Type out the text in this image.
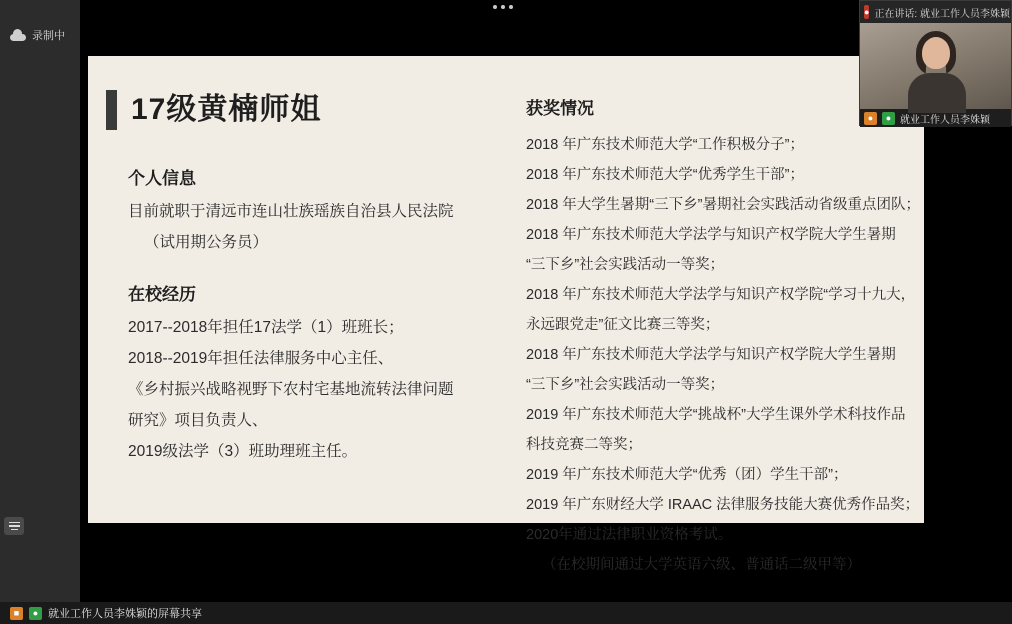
录制中
17级黄楠师姐
个人信息
目前就职于清远市连山壮族瑶族自治县人民法院
（试用期公务员）
在校经历
2017--2018年担任17法学（1）班班长；
2018--2019年担任法律服务中心主任、
《乡村振兴战略视野下农村宅基地流转法律问题
研究》项目负责人、
2019级法学（3）班助理班主任。
获奖情况
2018 年广东技术师范大学“工作积极分子”；
2018 年广东技术师范大学“优秀学生干部”；
2018 年大学生暑期“三下乡”暑期社会实践活动省级重点团队；
2018 年广东技术师范大学法学与知识产权学院大学生暑期
“三下乡”社会实践活动一等奖；
2018 年广东技术师范大学法学与知识产权学院“学习十九大，
永远跟党走”征文比赛三等奖；
2018 年广东技术师范大学法学与知识产权学院大学生暑期
“三下乡”社会实践活动一等奖；
2019 年广东技术师范大学“挑战杯”大学生课外学术科技作品
科技竞赛二等奖；
2019 年广东技术师范大学“优秀（团）学生干部”；
2019 年广东财经大学 IRAAC 法律服务技能大赛优秀作品奖；
2020年通过法律职业资格考试。
（在校期间通过大学英语六级、普通话二级甲等）
● 正在讲话: 就业工作人员李姝颖
●	● 就业工作人员李姝颖
■	● 就业工作人员李姝颖的屏幕共享
